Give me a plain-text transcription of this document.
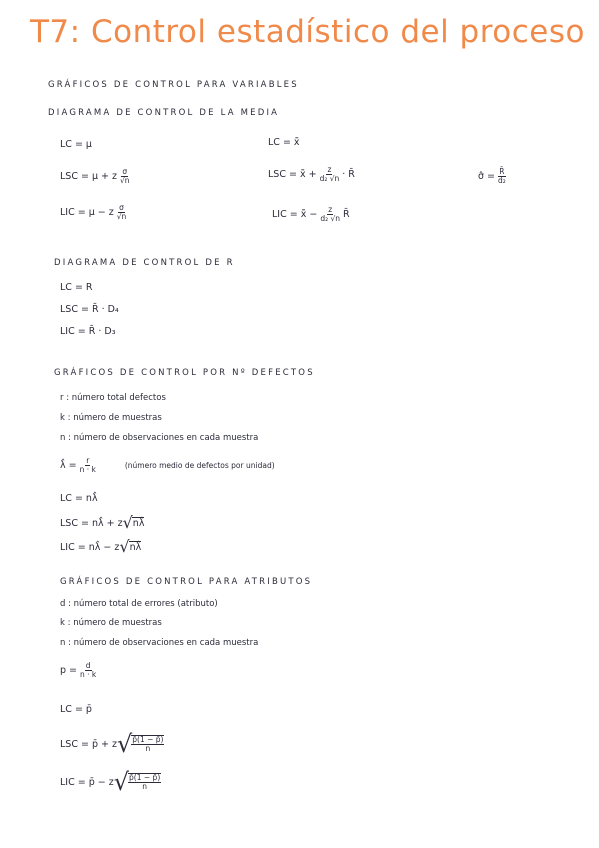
T7: Control estadístico del proceso
GRÁFICOS DE CONTROL PARA VARIABLES
DIAGRAMA DE CONTROL DE LA MEDIA
LC = μ
LSC = μ + z $\frac{\sigma}{√n}$
LIC = μ − z $\frac{\sigma}{√n}$
LC = x̄̄
LSC = x̄̄ + $\frac{z}{\text{d₂ √n}}$ · R̄
LIC = x̄̄ − $\frac{z}{\text{d₂ √n}}$ R̄
σ̂ = $\frac{R̄}{\text{d₂}}$
DIAGRAMA DE CONTROL DE R
LC = R
LSC = R̄ · D₄
LIC = R̄ · D₃
GRÁFICOS DE CONTROL POR Nº DEFECTOS
r : número total defectos
k : número de muestras
n : número de observaciones en cada muestra
λ̂ = $\frac{r}{n \cdot k}$	(número medio de defectos por unidad)
LC = nλ̂
LSC = nλ̂ + z √ nλ̂
LIC = nλ̂ − z √ nλ̂
GRÁFICOS DE CONTROL PARA ATRIBUTOS
d : número total de errores (atributo)
k : número de muestras
n : número de observaciones en cada muestra
$p = \frac{d}{n \cdot k}$
LC = p̄
LSC = p̄ + z √ $\frac{p̄(1 - p̄)}{n}$
LIC = p̄ − z √ $\frac{p̄(1 - p̄)}{n}$
